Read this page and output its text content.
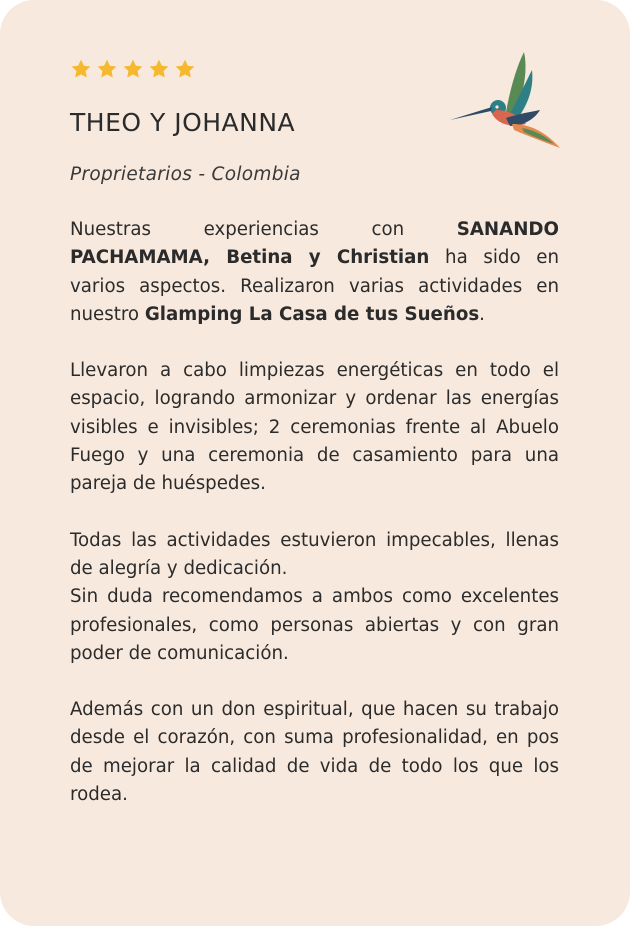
THEO Y JOHANNA
Proprietarios - Colombia

Nuestras experiencias con SANANDO PACHAMAMA, Betina y Christian ha sido en varios aspectos. Realizaron varias actividades en nuestro Glamping La Casa de tus Sueños.

Llevaron a cabo limpiezas energéticas en todo el espacio, logrando armonizar y ordenar las energías visibles e invisibles; 2 ceremonias frente al Abuelo Fuego y una ceremonia de casamiento para una pareja de huéspedes.

Todas las actividades estuvieron impecables, llenas de alegría y dedicación.
Sin duda recomendamos a ambos como excelentes profesionales, como personas abiertas y con gran poder de comunicación.

Además con un don espiritual, que hacen su trabajo desde el corazón, con suma profesionalidad, en pos de mejorar la calidad de vida de todo los que los rodea.
